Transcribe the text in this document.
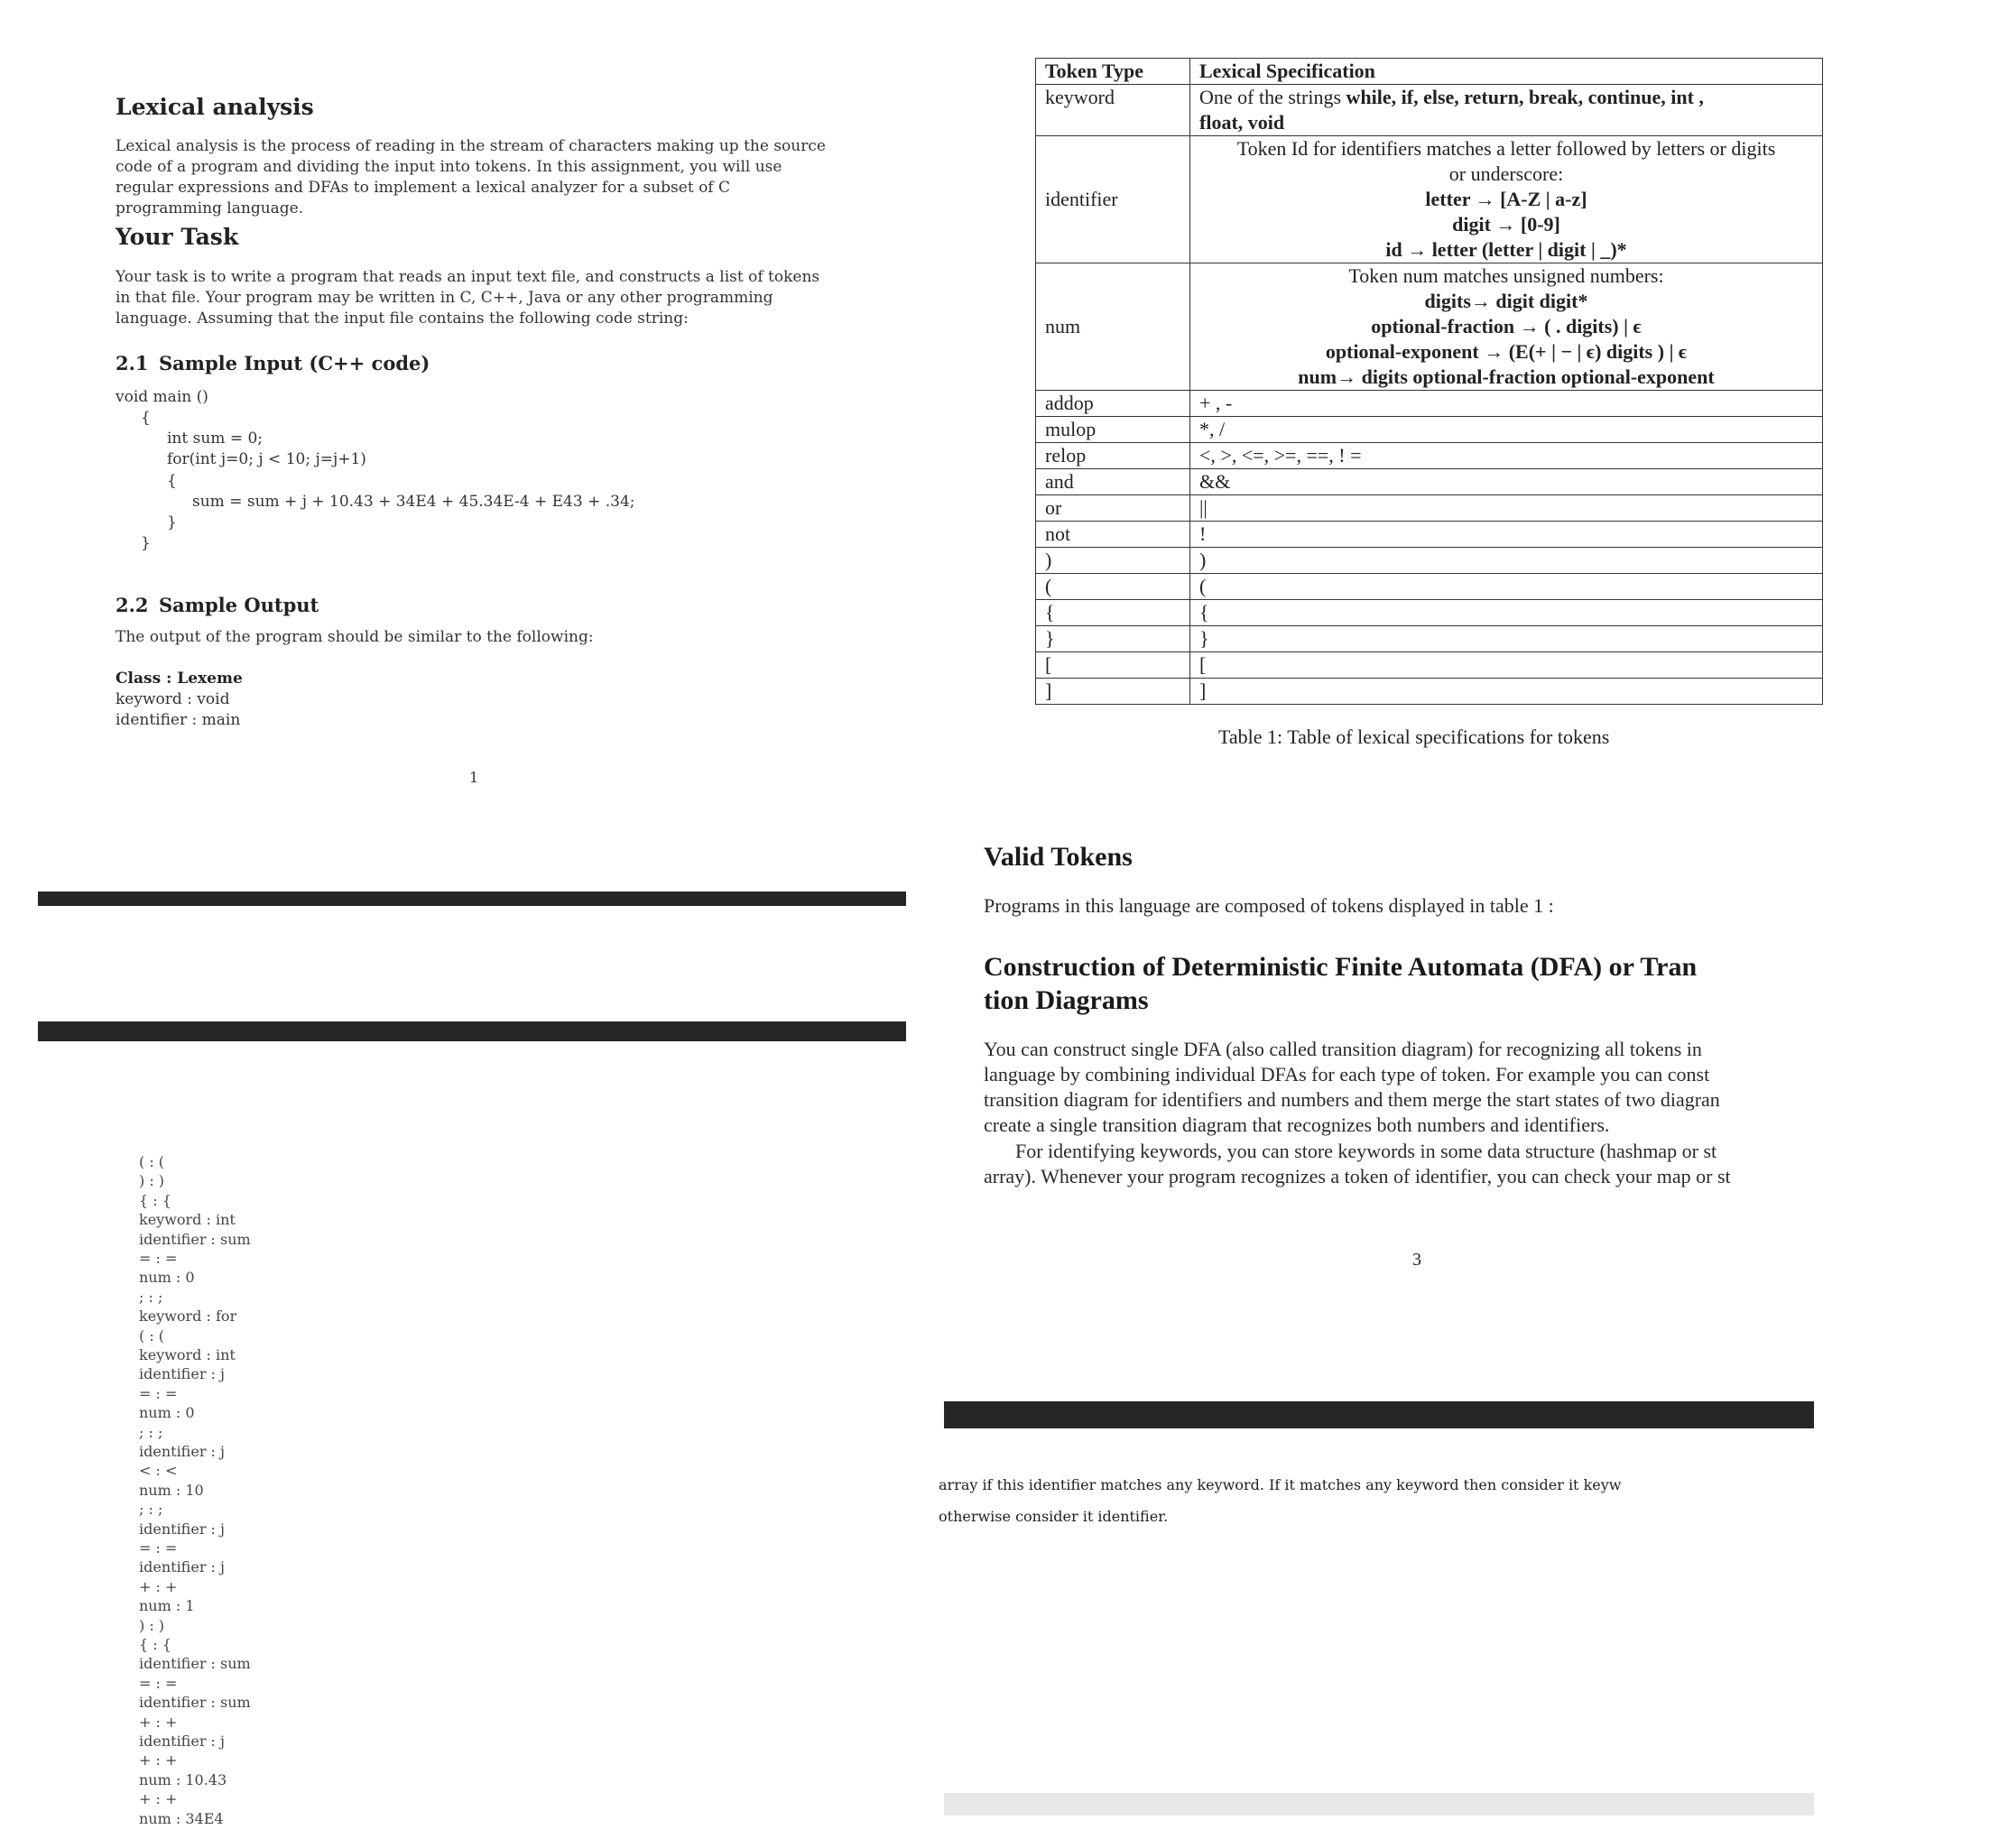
Lexical analysis

Lexical analysis is the process of reading in the stream of characters making up the source code of a program and dividing the input into tokens. In this assignment, you will use regular expressions and DFAs to implement a lexical analyzer for a subset of C programming language.

Your Task

Your task is to write a program that reads an input text file, and constructs a list of tokens in that file. Your program may be written in C, C++, Java or any other programming language. Assuming that the input file contains the following code string:

2.1 Sample Input (C++ code)
void main ()
{
int sum = 0;
for(int j=0; j < 10; j=j+1)
{
sum = sum + j + 10.43 + 34E4 + 45.34E-4 + E43 + .34;
}
}
2.2 Sample Output

The output of the program should be similar to the following:

Class : Lexeme
keyword : void
identifier : main
1
( : (
) : )
{ : {
keyword : int
identifier : sum
= : =
num : 0
; : ;
keyword : for
( : (
keyword : int
identifier : j
= : =
num : 0
; : ;
identifier : j
< : <
num : 10
; : ;
identifier : j
= : =
identifier : j
+ : +
num : 1
) : )
{ : {
identifier : sum
= : =
identifier : sum
+ : +
identifier : j
+ : +
num : 10.43
+ : +
num : 34E4
Token Type	Lexical Specification
keyword	One of the strings while, if, else, return, break, continue, int ,
float, void
identifier	Token Id for identifiers matches a letter followed by letters or digits
or underscore:
letter → [A-Z | a-z]
digit → [0-9]
id → letter (letter | digit | _)*

num	Token num matches unsigned numbers:
digits→ digit digit*
optional-fraction → ( . digits) | ϵ
optional-exponent → (E(+ | − | ϵ) digits ) | ϵ
num→ digits optional-fraction optional-exponent

addop	+ , -
mulop	*, /
relop	<, >, <=, >=, ==, ! =
and	&&
or	||
not	!
)	)
(	(
{	{
}	}
[	[
]	]
Table 1: Table of lexical specifications for tokens
Valid Tokens

Programs in this language are composed of tokens displayed in table 1 :

Construction of Deterministic Finite Automata (DFA) or Tran
tion Diagrams

You can construct single DFA (also called transition diagram) for recognizing all tokens in

language by combining individual DFAs for each type of token. For example you can const

transition diagram for identifiers and numbers and them merge the start states of two diagran

create a single transition diagram that recognizes both numbers and identifiers.

For identifying keywords, you can store keywords in some data structure (hashmap or st

array). Whenever your program recognizes a token of identifier, you can check your map or st

3

array if this identifier matches any keyword. If it matches any keyword then consider it keyw

otherwise consider it identifier.
